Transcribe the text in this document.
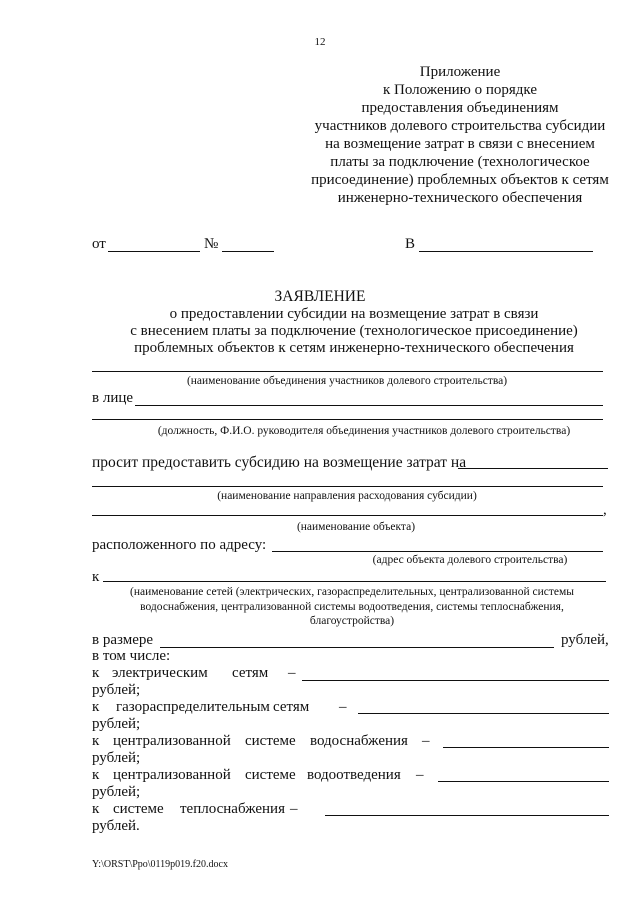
12
Приложение
к Положению о порядке
предоставления объединениям
участников долевого строительства субсидии
на возмещение затрат в связи с внесением
платы за подключение (технологическое
присоединение) проблемных объектов к сетям
инженерно-технического обеспечения
от	№	В
ЗАЯВЛЕНИЕ
о предоставлении субсидии на возмещение затрат в связи
с внесением платы за подключение (технологическое присоединение)
проблемных объектов к сетям инженерно-технического обеспечения
(наименование объединения участников долевого строительства)
в лице
(должность, Ф.И.О. руководителя объединения участников долевого строительства)
просит предоставить субсидию на возмещение затрат на
(наименование направления расходования субсидии)
,
(наименование объекта)
расположенного по адресу:
(адрес объекта долевого строительства)
к
(наименование сетей (электрических, газораспределительных, централизованной системы
водоснабжения, централизованной системы водоотведения, системы теплоснабжения,
благоустройства)
в размере	рублей,
в том числе:
к электрическим сетям –
рублей;
к газораспределительным сетям –
рублей;
к централизованной системе водоснабжения –
рублей;
к централизованной системе водоотведения –
рублей;
к системе теплоснабжения –
рублей.
Y:\ORST\Ppo\0119p019.f20.docx
